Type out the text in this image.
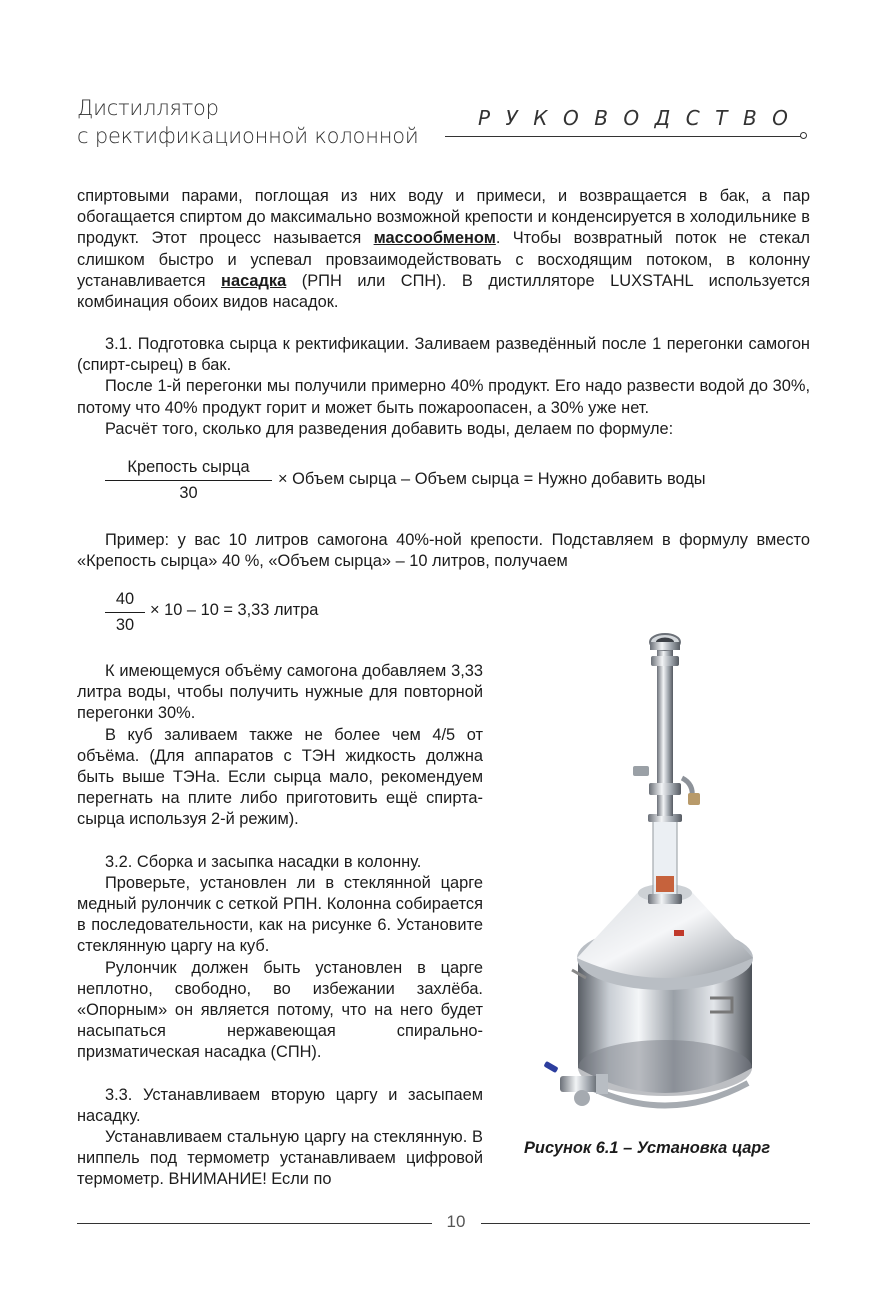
Дистиллятор
с ректификационной колонной
РУКОВОДСТВО

спиртовыми парами, поглощая из них воду и примеси, и возвращается в бак, а пар обогащается спиртом до максимально возможной крепости и конденсируется в холодильнике в продукт. Этот процесс называется массообменом. Чтобы возвратный поток не стекал слишком быстро и успевал провзаимодействовать с восходящим потоком, в колонну устанавливается насадка (РПН или СПН). В дистилляторе LUXSTAHL используется комбинация обоих видов насадок.

3.1. Подготовка сырца к ректификации. Заливаем разведённый после 1 перегонки самогон (спирт-сырец) в бак.

После 1-й перегонки мы получили примерно 40% продукт. Его надо развести водой до 30%, потому что 40% продукт горит и может быть пожароопасен, а 30% уже нет.

Расчёт того, сколько для разведения добавить воды, делаем по формуле:

Крепость сырца
30
× Объем сырца – Объем сырца = Нужно добавить воды

Пример: у вас 10 литров самогона 40%-ной крепости. Подставляем в формулу вместо «Крепость сырца» 40 %, «Объем сырца» – 10 литров, получаем

40
30
× 10 – 10 = 3,33 литра

К имеющемуся объёму самогона добавляем 3,33 литра воды, чтобы получить нужные для повторной перегонки 30%.

В куб заливаем также не более чем 4/5 от объёма. (Для аппаратов с ТЭН жидкость должна быть выше ТЭНа. Если сырца мало, рекомендуем перегнать на плите либо приготовить ещё спирта-сырца используя 2-й режим).

3.2. Сборка и засыпка насадки в колонну.

Проверьте, установлен ли в стеклянной царге медный рулончик с сеткой РПН. Колонна собирается в последовательности, как на рисунке 6. Установите стеклянную царгу на куб.

Рулончик должен быть установлен в царге неплотно, свободно, во избежании захлёба. «Опорным» он является потому, что на него будет насыпаться нержавеющая спирально-призматическая насадка (СПН).

3.3. Устанавливаем вторую царгу и засыпаем насадку.

Устанавливаем стальную царгу на стеклянную. В ниппель под термометр устанавливаем цифровой термометр. ВНИМАНИЕ! Если по

Рисунок 6.1 – Установка царг
10
